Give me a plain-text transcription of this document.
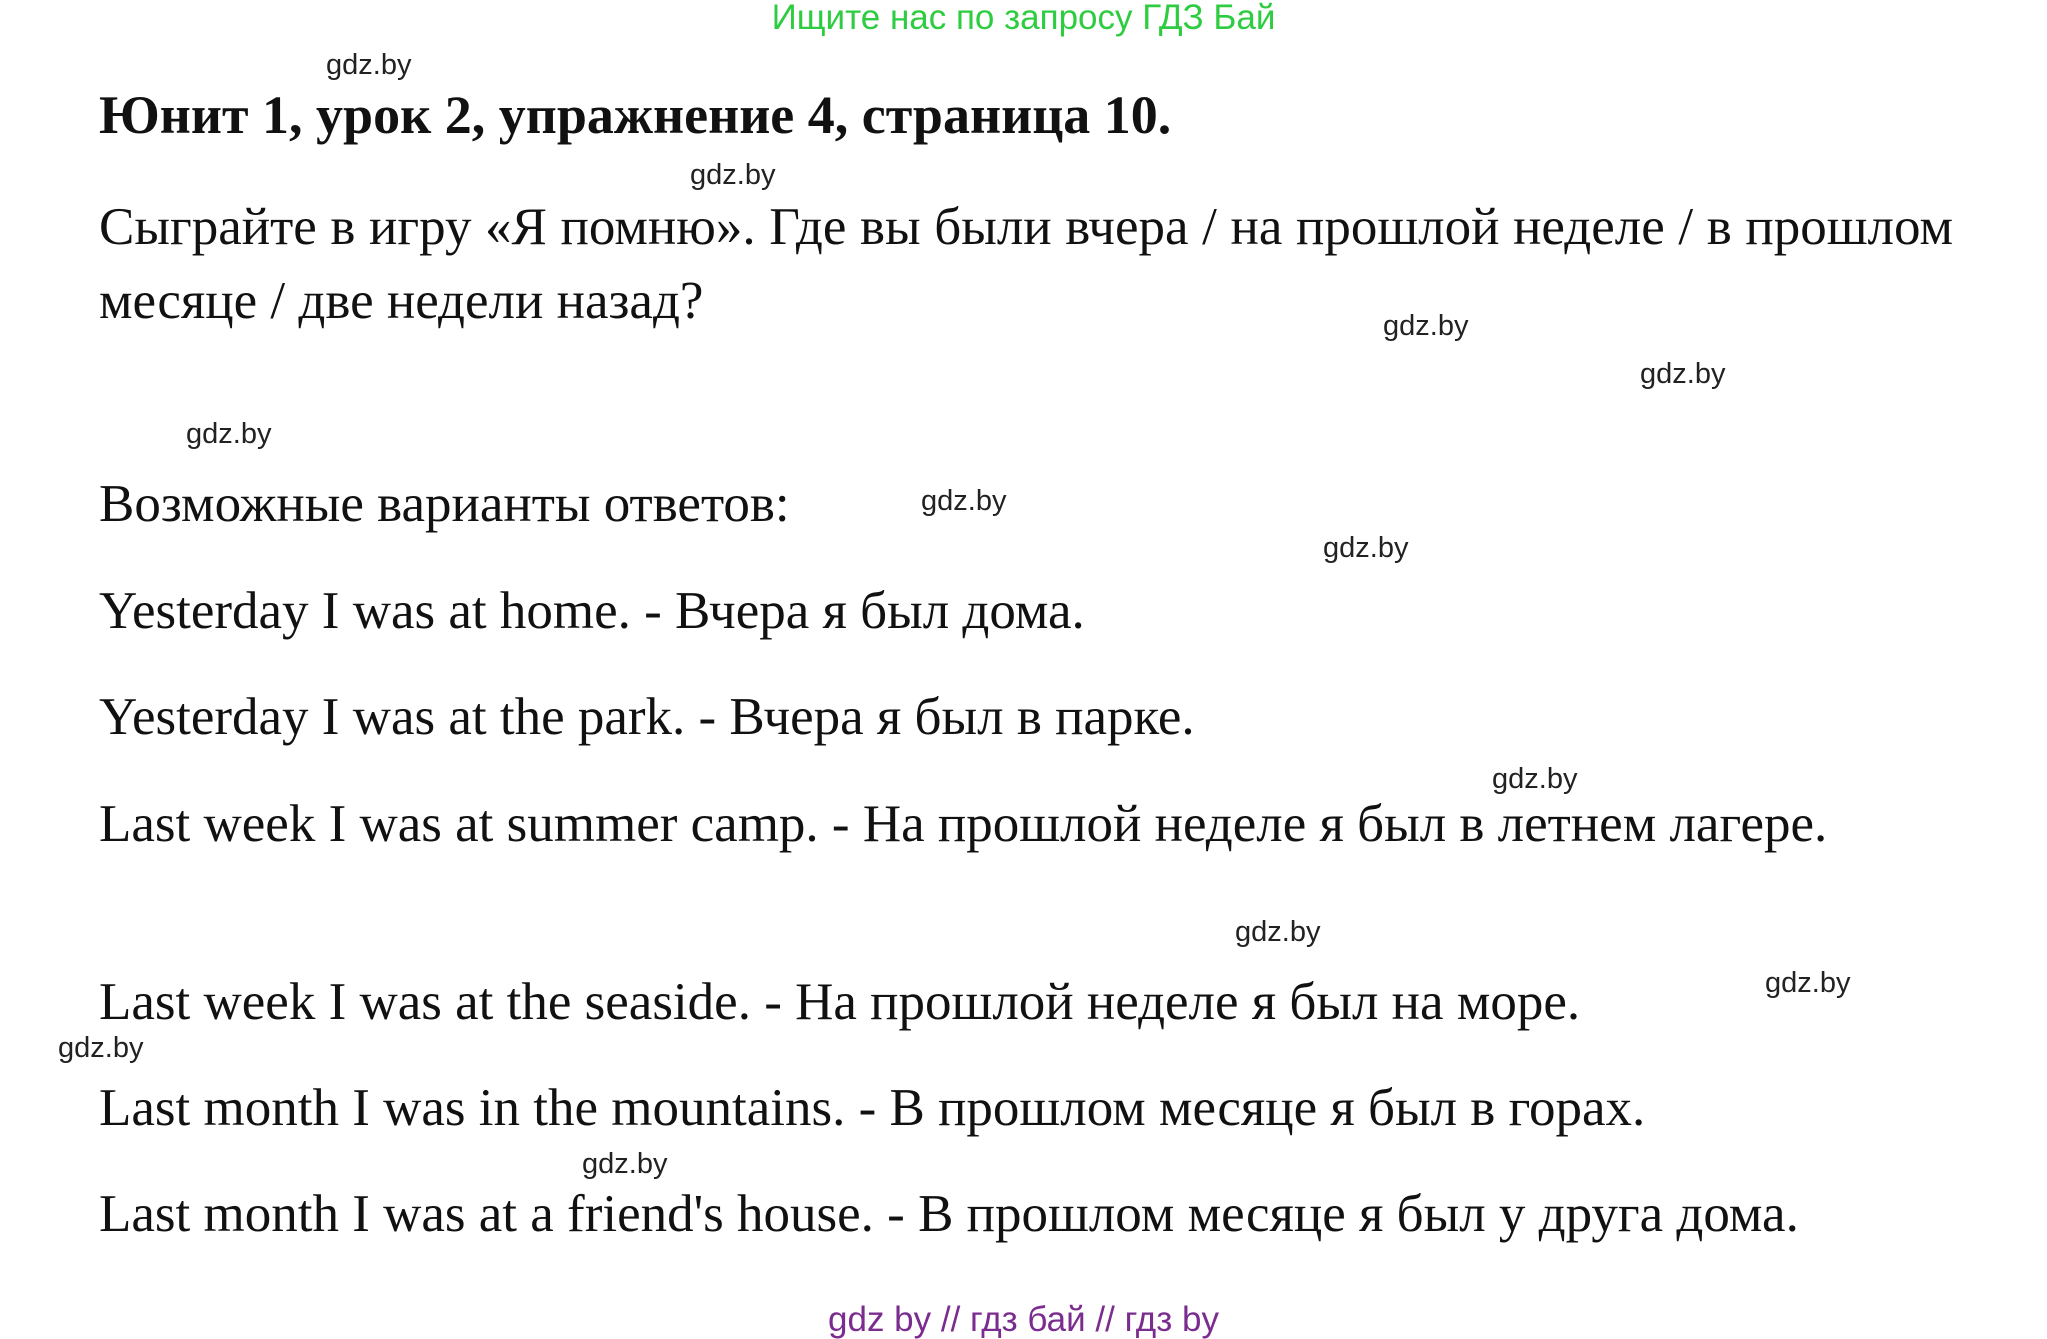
Ищите нас по запросу ГДЗ Бай
gdz.by
gdz.by
gdz.by
gdz.by
gdz.by
gdz.by
gdz.by
gdz.by
gdz.by
gdz.by
gdz.by
gdz.by
Юнит 1, урок 2, упражнение 4, страница 10.
Сыграйте в игру «Я помню». Где вы были вчера / на прошлой неделе / в прошлом месяце / две недели назад?
Возможные варианты ответов:
Yesterday I was at home. - Вчера я был дома.
Yesterday I was at the park. - Вчера я был в парке.
Last week I was at summer camp. - На прошлой неделе я был в летнем лагере.
Last week I was at the seaside. - На прошлой неделе я был на море.
Last month I was in the mountains. - В прошлом месяце я был в горах.
Last month I was at a friend's house. - В прошлом месяце я был у друга дома.
gdz by // гдз бай // гдз by
